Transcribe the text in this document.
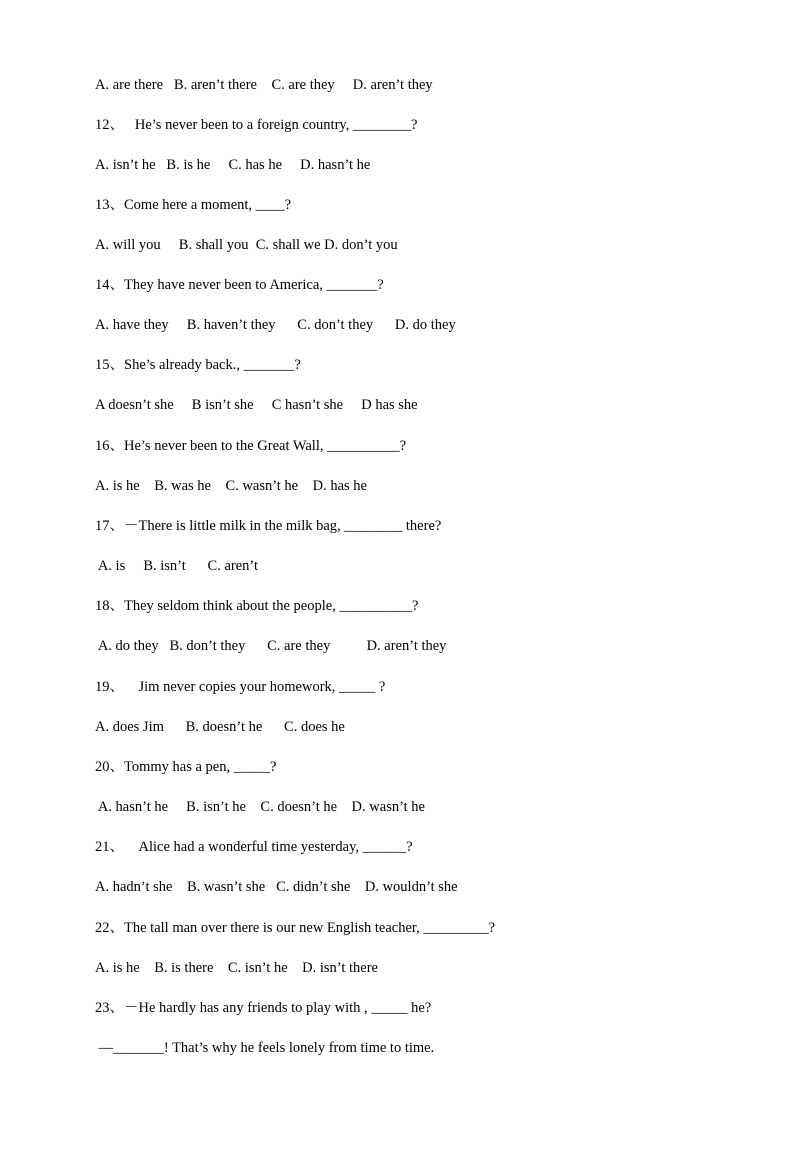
A. are there   B. aren’t there    C. are they     D. aren’t they
12、   He’s never been to a foreign country, ________?
A. isn’t he   B. is he     C. has he     D. hasn’t he
13、Come here a moment, ____?
A. will you     B. shall you  C. shall we D. don’t you
14、They have never been to America, _______?
A. have they     B. haven’t they      C. don’t they      D. do they
15、She’s already back., _______?
A doesn’t she     B isn’t she     C hasn’t she     D has she
16、He’s never been to the Great Wall, __________?
A. is he    B. was he    C. wasn’t he    D. has he
17、－There is little milk in the milk bag, ________ there?
A. is     B. isn’t      C. aren’t
18、They seldom think about the people, __________?
A. do they   B. don’t they      C. are they          D. aren’t they
19、    Jim never copies your homework, _____ ?
A. does Jim      B. doesn’t he      C. does he
20、Tommy has a pen, _____?
A. hasn’t he     B. isn’t he    C. doesn’t he    D. wasn’t he
21、    Alice had a wonderful time yesterday, ______?
A. hadn’t she    B. wasn’t she   C. didn’t she    D. wouldn’t she
22、The tall man over there is our new English teacher, _________?
A. is he    B. is there    C. isn’t he    D. isn’t there
23、－He hardly has any friends to play with , _____ he?
—_______! That’s why he feels lonely from time to time.
